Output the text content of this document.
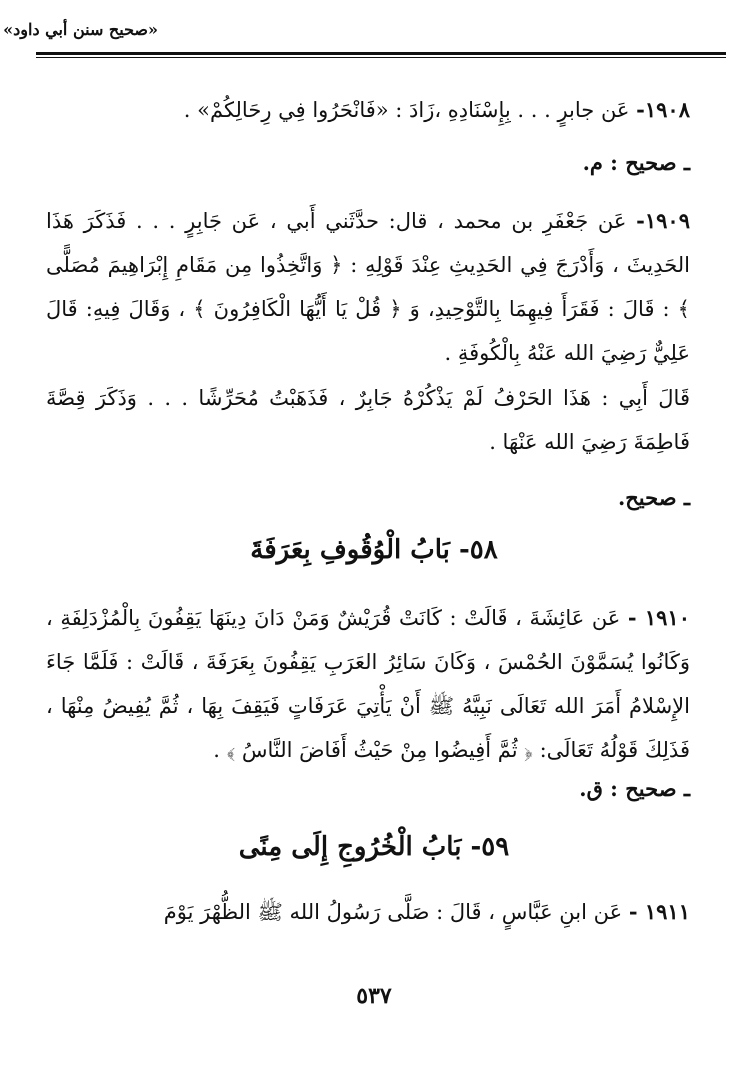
«صحيح سنن أبي داود»
١٩٠٨- عَن جابرٍ . . . بِإِسْنَادِهِ ،زَادَ : «فَانْحَرُوا فِي رِحَالِكُمْ» .
ـ صحيح : م.
١٩٠٩- عَن جَعْفَرِ بن محمد ، قال: حدَّثَني أَبي ، عَن جَابِرٍ . . . فَذَكَرَ هَذَا الحَدِيثَ ، وَأَدْرَجَ فِي الحَدِيثِ عِنْدَ قَوْلِهِ : ﴿ وَاتَّخِذُوا مِن مَقَامِ إِبْرَاهِيمَ مُصَلًّى ﴾ : قَالَ : فَقَرَأَ فِيهِمَا بِالتَّوْحِيدِ، وَ ﴿ قُلْ يَا أَيُّهَا الْكَافِرُونَ ﴾ ، وَقَالَ فِيهِ: قَالَ عَلِيٌّ رَضِيَ الله عَنْهُ بِالْكُوفَةِ .
قَالَ أَبِي : هَذَا الحَرْفُ لَمْ يَذْكُرْهُ جَابِرٌ ، فَذَهَبْتُ مُحَرِّشًا . . . وَذَكَرَ قِصَّةَ فَاطِمَةَ رَضِيَ الله عَنْهَا .
ـ صحيح.
٥٨- بَابُ الْوُقُوفِ بِعَرَفَةَ
١٩١٠ - عَن عَائِشَةَ ، قَالَتْ : كَانَتْ قُرَيْشٌ وَمَنْ دَانَ دِينَهَا يَقِفُونَ بِالْمُزْدَلِفَةِ ، وَكَانُوا يُسَمَّوْنَ الحُمْسَ ، وَكَانَ سَائِرُ العَرَبِ يَقِفُونَ بِعَرَفَةَ ، قَالَتْ : فَلَمَّا جَاءَ الإِسْلامُ أَمَرَ الله تَعَالَى نَبِيَّهُ ﷺ أَنْ يَأْتِيَ عَرَفَاتٍ فَيَقِفَ بِهَا ، ثُمَّ يُفِيضُ مِنْهَا ، فَذَلِكَ قَوْلُهُ تَعَالَى: ﴿ ثُمَّ أَفِيضُوا مِنْ حَيْثُ أَفَاضَ النَّاسُ ﴾ .
ـ صحيح : ق.
٥٩- بَابُ الْخُرُوجِ إِلَى مِنًى
١٩١١ - عَن ابنِ عَبَّاسٍ ، قَالَ : صَلَّى رَسُولُ الله ﷺ الظُّهْرَ يَوْمَ
٥٣٧
